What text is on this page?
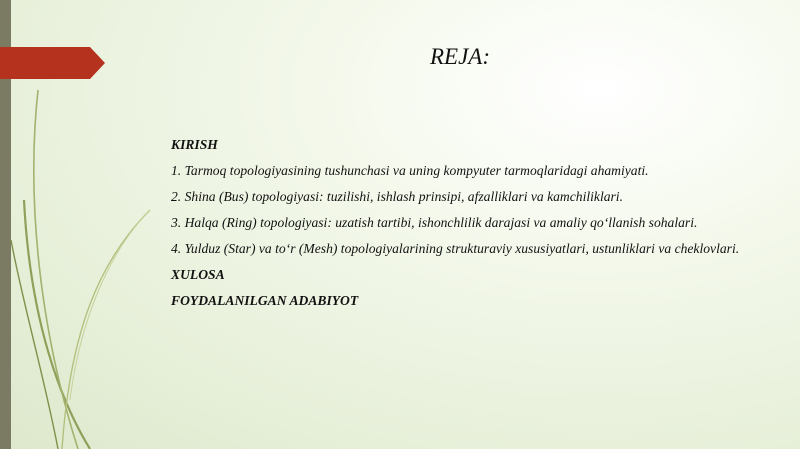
REJA:
KIRISH
1. Tarmoq topologiyasining tushunchasi va uning kompyuter tarmoqlaridagi ahamiyati.
2. Shina (Bus) topologiyasi: tuzilishi, ishlash prinsipi, afzalliklari va kamchiliklari.
3. Halqa (Ring) topologiyasi: uzatish tartibi, ishonchlilik darajasi va amaliy qo‘llanish sohalari.
4. Yulduz (Star) va to‘r (Mesh) topologiyalarining strukturaviy xususiyatlari, ustunliklari va cheklovlari.
XULOSA
FOYDALANILGAN ADABIYOT
